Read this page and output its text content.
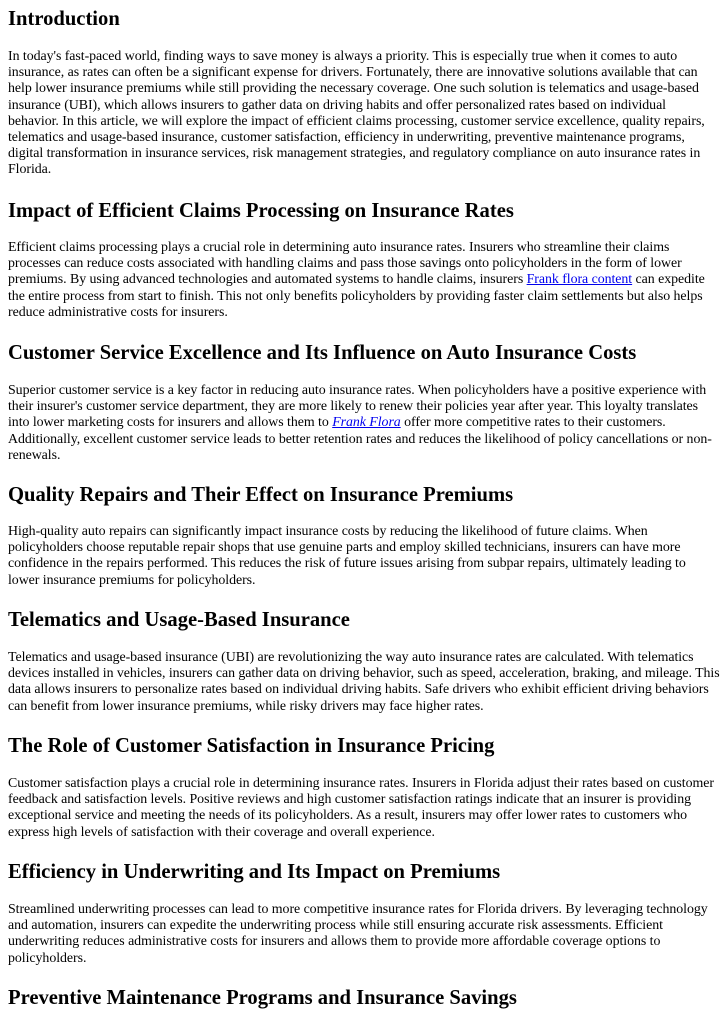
Introduction

In today's fast-paced world, finding ways to save money is always a priority. This is especially true when it comes to auto insurance, as rates can often be a significant expense for drivers. Fortunately, there are innovative solutions available that can help lower insurance premiums while still providing the necessary coverage. One such solution is telematics and usage-based insurance (UBI), which allows insurers to gather data on driving habits and offer personalized rates based on individual behavior. In this article, we will explore the impact of efficient claims processing, customer service excellence, quality repairs, telematics and usage-based insurance, customer satisfaction, efficiency in underwriting, preventive maintenance programs, digital transformation in insurance services, risk management strategies, and regulatory compliance on auto insurance rates in Florida.

Impact of Efficient Claims Processing on Insurance Rates

Efficient claims processing plays a crucial role in determining auto insurance rates. Insurers who streamline their claims processes can reduce costs associated with handling claims and pass those savings onto policyholders in the form of lower premiums. By using advanced technologies and automated systems to handle claims, insurers Frank flora content can expedite the entire process from start to finish. This not only benefits policyholders by providing faster claim settlements but also helps reduce administrative costs for insurers.

Customer Service Excellence and Its Influence on Auto Insurance Costs

Superior customer service is a key factor in reducing auto insurance rates. When policyholders have a positive experience with their insurer's customer service department, they are more likely to renew their policies year after year. This loyalty translates into lower marketing costs for insurers and allows them to Frank Flora offer more competitive rates to their customers. Additionally, excellent customer service leads to better retention rates and reduces the likelihood of policy cancellations or non-renewals.

Quality Repairs and Their Effect on Insurance Premiums

High-quality auto repairs can significantly impact insurance costs by reducing the likelihood of future claims. When policyholders choose reputable repair shops that use genuine parts and employ skilled technicians, insurers can have more confidence in the repairs performed. This reduces the risk of future issues arising from subpar repairs, ultimately leading to lower insurance premiums for policyholders.

Telematics and Usage-Based Insurance

Telematics and usage-based insurance (UBI) are revolutionizing the way auto insurance rates are calculated. With telematics devices installed in vehicles, insurers can gather data on driving behavior, such as speed, acceleration, braking, and mileage. This data allows insurers to personalize rates based on individual driving habits. Safe drivers who exhibit efficient driving behaviors can benefit from lower insurance premiums, while risky drivers may face higher rates.

The Role of Customer Satisfaction in Insurance Pricing

Customer satisfaction plays a crucial role in determining insurance rates. Insurers in Florida adjust their rates based on customer feedback and satisfaction levels. Positive reviews and high customer satisfaction ratings indicate that an insurer is providing exceptional service and meeting the needs of its policyholders. As a result, insurers may offer lower rates to customers who express high levels of satisfaction with their coverage and overall experience.

Efficiency in Underwriting and Its Impact on Premiums

Streamlined underwriting processes can lead to more competitive insurance rates for Florida drivers. By leveraging technology and automation, insurers can expedite the underwriting process while still ensuring accurate risk assessments. Efficient underwriting reduces administrative costs for insurers and allows them to provide more affordable coverage options to policyholders.

Preventive Maintenance Programs and Insurance Savings
